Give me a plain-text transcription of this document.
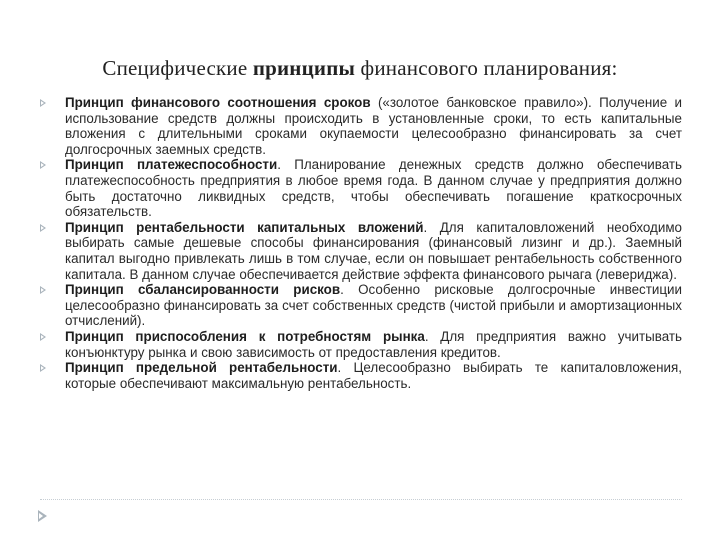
Специфические принципы финансового планирования:
Принцип финансового соотношения сроков («золотое банковское правило»). Получение и использование средств должны происходить в установленные сроки, то есть капитальные вложения с длительными сроками окупаемости целесообразно финансировать за счет долгосрочных заемных средств.
Принцип платежеспособности. Планирование денежных средств должно обеспечивать платежеспособность предприятия в любое время года. В данном случае у предприятия должно быть достаточно ликвидных средств, чтобы обеспечивать погашение краткосрочных обязательств.
Принцип рентабельности капитальных вложений. Для капиталовложений необходимо выбирать самые дешевые способы финансирования (финансовый лизинг и др.). Заемный капитал выгодно привлекать лишь в том случае, если он повышает рентабельность собственного капитала. В данном случае обеспечивается действие эффекта финансового рычага (левериджа).
Принцип сбалансированности рисков. Особенно рисковые долгосрочные инвестиции целесообразно финансировать за счет собственных средств (чистой прибыли и амортизационных отчислений).
Принцип приспособления к потребностям рынка. Для предприятия важно учитывать конъюнктуру рынка и свою зависимость от предоставления кредитов.
Принцип предельной рентабельности. Целесообразно выбирать те капиталовложения, которые обеспечивают максимальную рентабельность.
